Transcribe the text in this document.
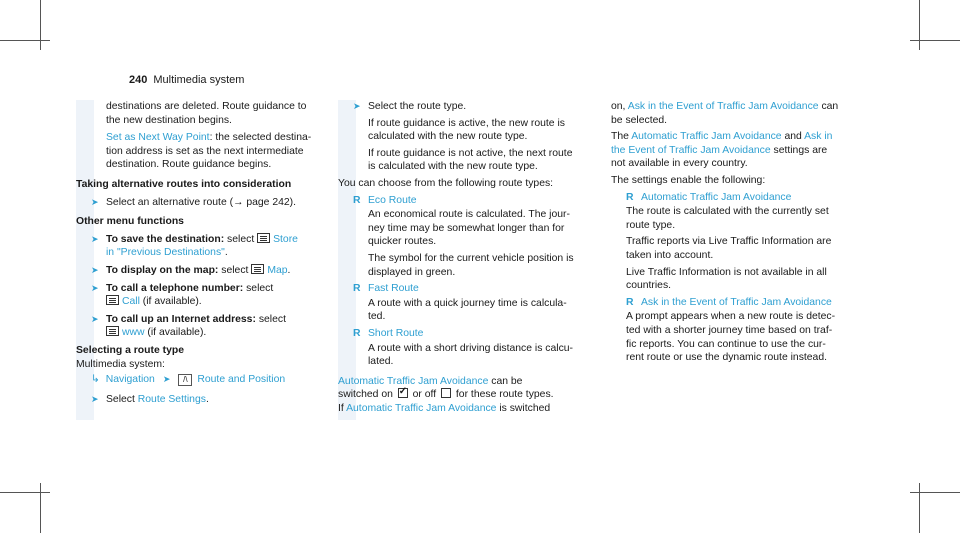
240 Multimedia system
destinations are deleted. Route guidance to
the new destination begins.
Set as Next Way Point: the selected destina-
tion address is set as the next intermediate
destination. Route guidance begins.
Taking alternative routes into consideration
➤ Select an alternative route (→ page 242).
Other menu functions
➤ To save the destination: select Store
in "Previous Destinations".
➤ To display on the map: select Map.
➤ To call a telephone number: select
Call (if available).
➤ To call up an Internet address: select
www (if available).
Selecting a route type
Multimedia system:
↳ Navigation ➤	/\ Route and Position
➤ Select Route Settings.
➤ Select the route type.
If route guidance is active, the new route is
calculated with the new route type.
If route guidance is not active, the next route
is calculated with the new route type.
You can choose from the following route types:
R Eco Route
An economical route is calculated. The jour-
ney time may be somewhat longer than for
quicker routes.
The symbol for the current vehicle position is
displayed in green.
R Fast Route
A route with a quick journey time is calcula-
ted.
R Short Route
A route with a short driving distance is calcu-
lated.
Automatic Traffic Jam Avoidance can be
switched on ✓ or off  for these route types.
If Automatic Traffic Jam Avoidance is switched
on, Ask in the Event of Traffic Jam Avoidance can
be selected.
The Automatic Traffic Jam Avoidance and Ask in
the Event of Traffic Jam Avoidance settings are
not available in every country.
The settings enable the following:
R Automatic Traffic Jam Avoidance
The route is calculated with the currently set
route type.
Traffic reports via Live Traffic Information are
taken into account.
Live Traffic Information is not available in all
countries.
R Ask in the Event of Traffic Jam Avoidance
A prompt appears when a new route is detec-
ted with a shorter journey time based on traf-
fic reports. You can continue to use the cur-
rent route or use the dynamic route instead.
